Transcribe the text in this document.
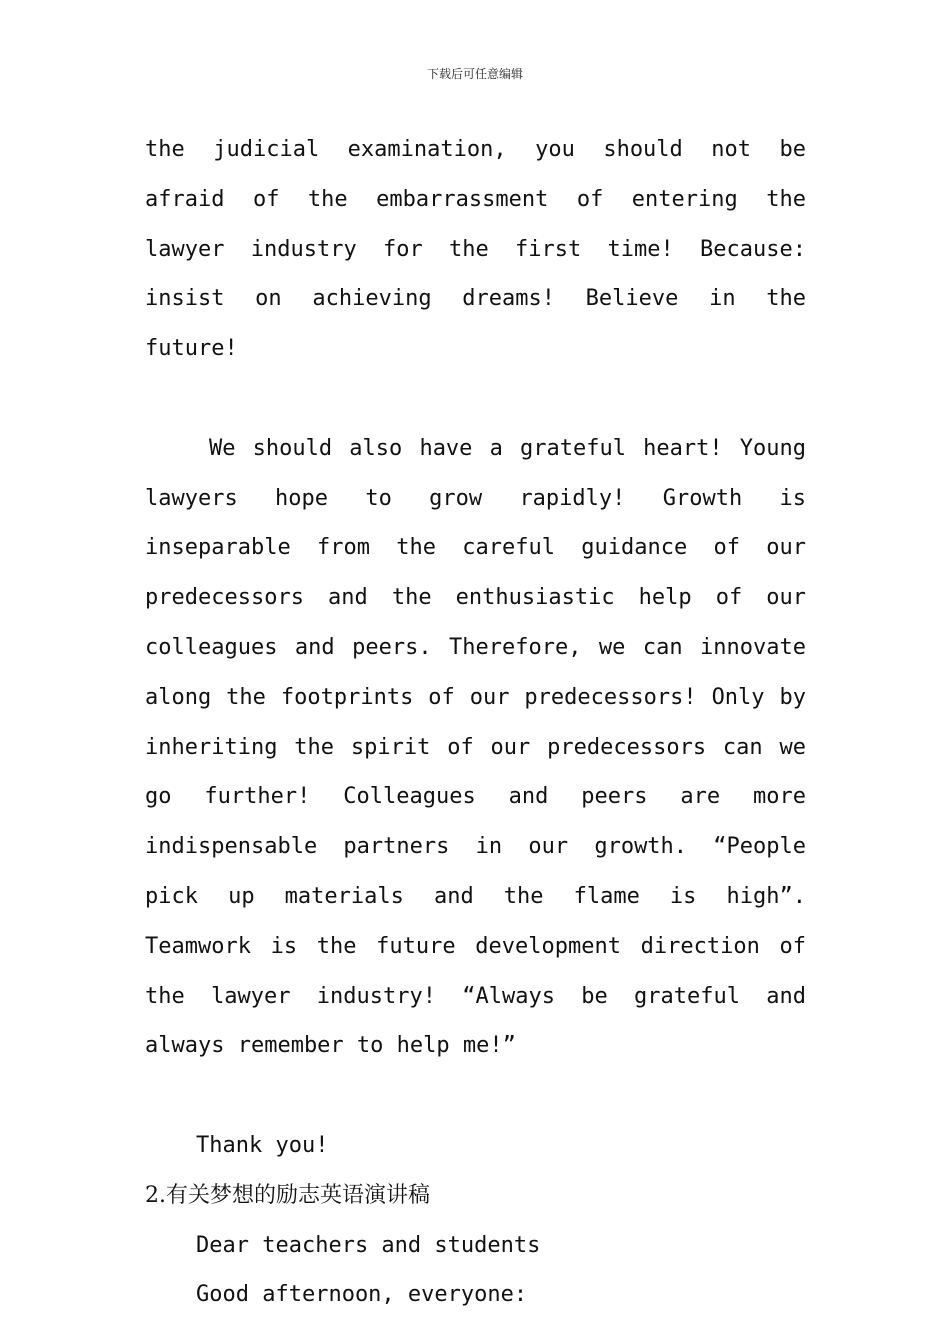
下载后可任意编辑

the judicial examination, you should not be afraid of the embarrassment of entering the lawyer industry for the first time! Because: insist on achieving dreams! Believe in the future!

We should also have a grateful heart! Young lawyers hope to grow rapidly! Growth is inseparable from the careful guidance of our predecessors and the enthusiastic help of our colleagues and peers. Therefore, we can innovate along the footprints of our predecessors! Only by inheriting the spirit of our predecessors can we go further! Colleagues and peers are more indispensable partners in our growth. “People pick up materials and the flame is high”. Teamwork is the future development direction of the lawyer industry! “Always be grateful and always remember to help me!”

Thank you!

2.有关梦想的励志英语演讲稿

Dear teachers and students

Good afternoon, everyone:
